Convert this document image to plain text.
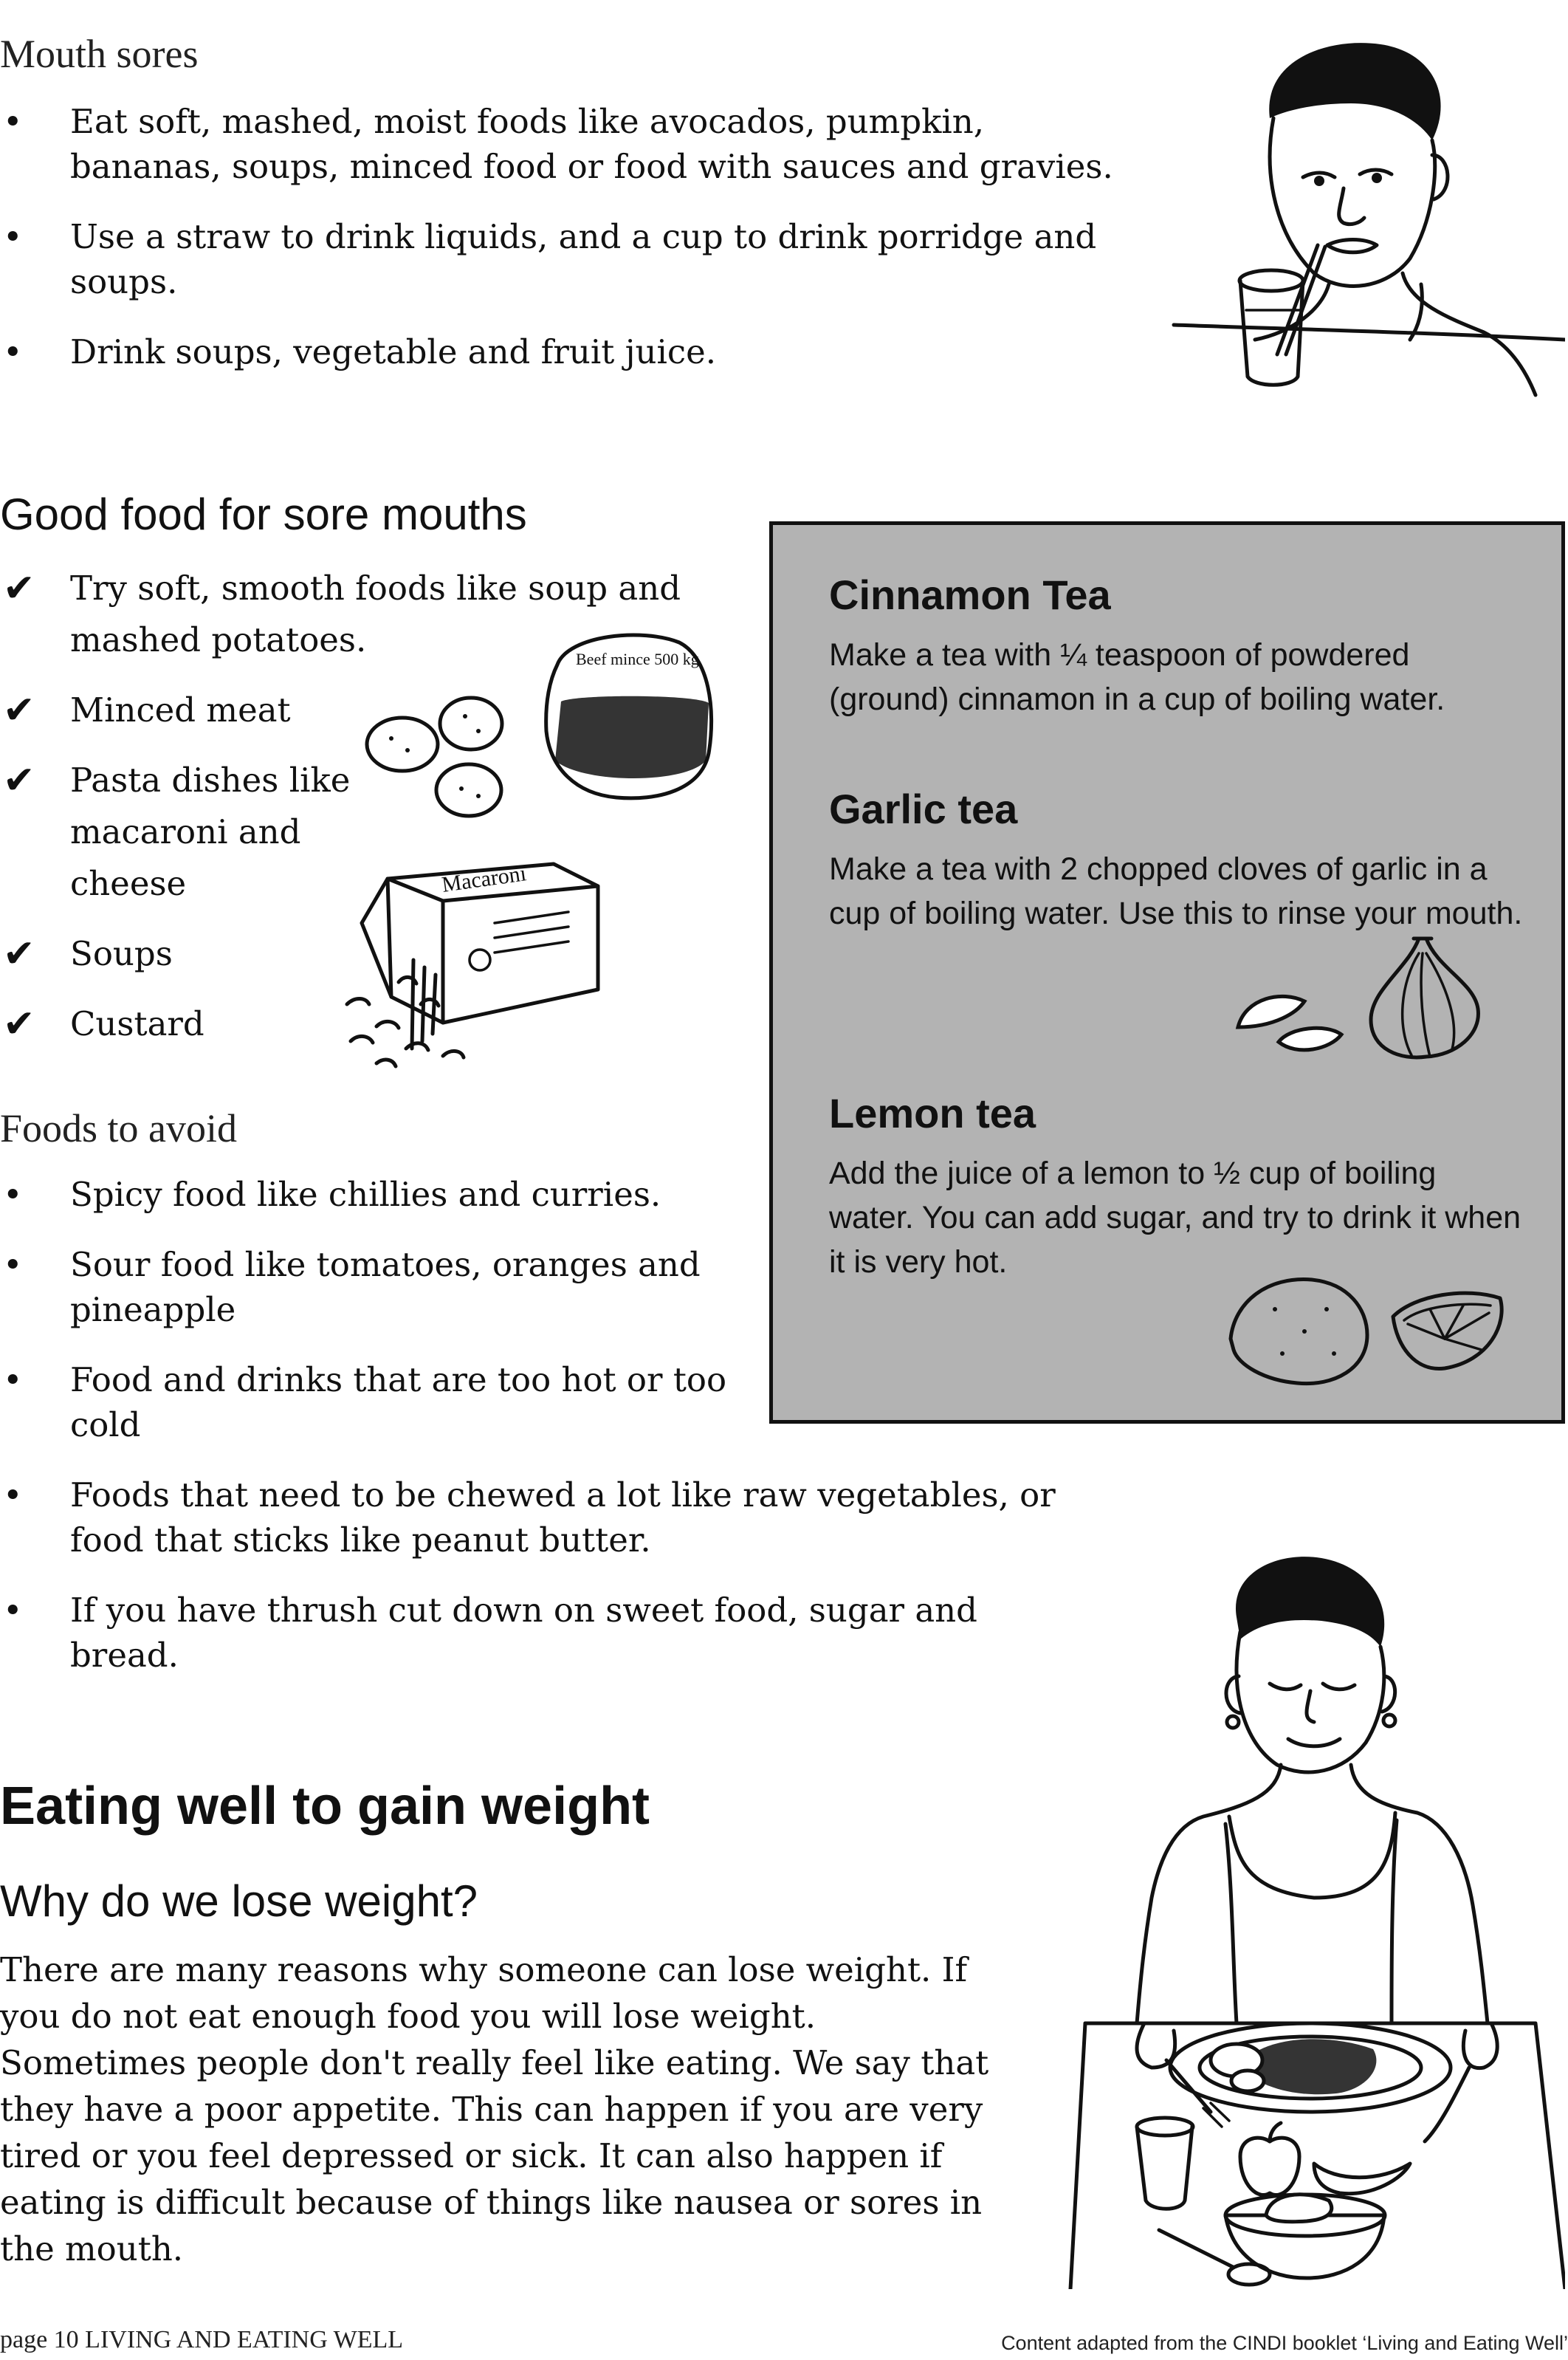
Mouth sores
• Eat soft, mashed, moist foods like avocados, pumpkin, bananas, soups, minced food or food with sauces and gravies.
• Use a straw to drink liquids, and a cup to drink porridge and soups.
• Drink soups, vegetable and fruit juice.
Good food for sore mouths
✔ Try soft, smooth foods like soup and mashed potatoes.
✔ Minced meat
✔ Pasta dishes like macaroni and cheese
✔ Soups
✔ Custard
Beef mince 500 kg
Macaroni
Cinnamon Tea
Make a tea with ¼ teaspoon of powdered (ground) cinnamon in a cup of boiling water.
Garlic tea
Make a tea with 2 chopped cloves of garlic in a cup of boiling water. Use this to rinse your mouth.
Lemon tea
Add the juice of a lemon to ½ cup of boiling water. You can add sugar, and try to drink it when it is very hot.
Foods to avoid
• Spicy food like chillies and curries.
• Sour food like tomatoes, oranges and pineapple
• Food and drinks that are too hot or too cold
• Foods that need to be chewed a lot like raw vegetables, or food that sticks like peanut butter.
• If you have thrush cut down on sweet food, sugar and bread.
Eating well to gain weight
Why do we lose weight?
There are many reasons why someone can lose weight. If you do not eat enough food you will lose weight. Sometimes people don't really feel like eating. We say that they have a poor appetite. This can happen if you are very tired or you feel depressed or sick. It can also happen if eating is difficult because of things like nausea or sores in the mouth.
page 10 LIVING AND EATING WELL	Content adapted from the CINDI booklet ‘Living and Eating Well’
